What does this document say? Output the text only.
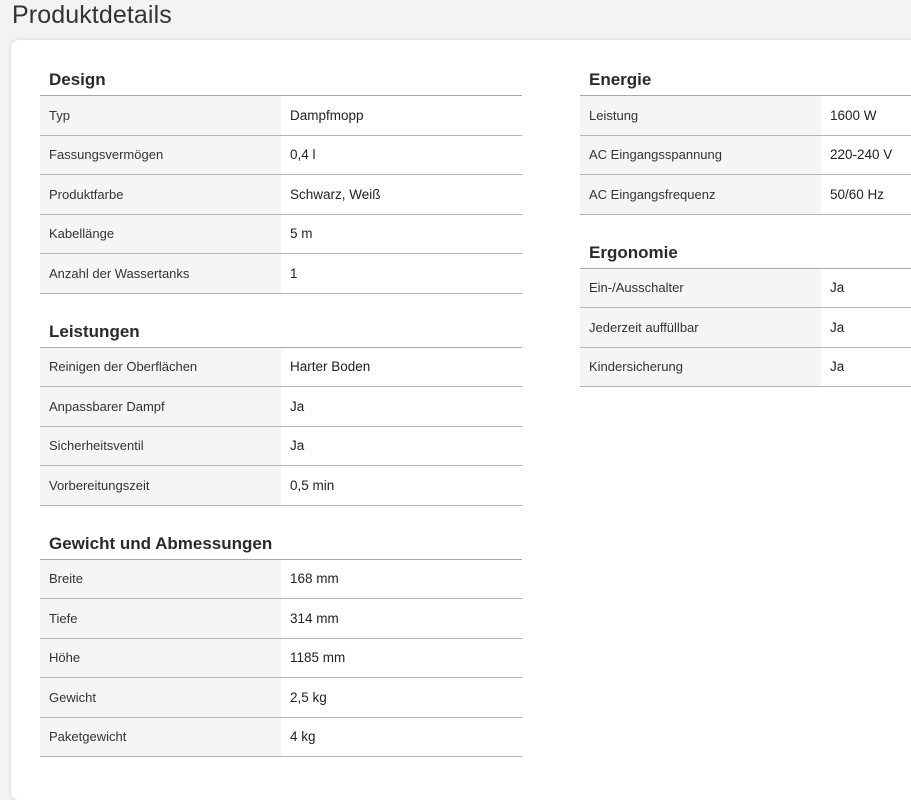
Produktdetails
Design
Typ	Dampfmopp
Fassungsvermögen	0,4 l
Produktfarbe	Schwarz, Weiß
Kabellänge	5 m
Anzahl der Wassertanks	1
Leistungen
Reinigen der Oberflächen	Harter Boden
Anpassbarer Dampf	Ja
Sicherheitsventil	Ja
Vorbereitungszeit	0,5 min
Gewicht und Abmessungen
Breite	168 mm
Tiefe	314 mm
Höhe	1185 mm
Gewicht	2,5 kg
Paketgewicht	4 kg
Energie
Leistung	1600 W
AC Eingangsspannung	220-240 V
AC Eingangsfrequenz	50/60 Hz
Ergonomie
Ein-/Ausschalter	Ja
Jederzeit auffüllbar	Ja
Kindersicherung	Ja
